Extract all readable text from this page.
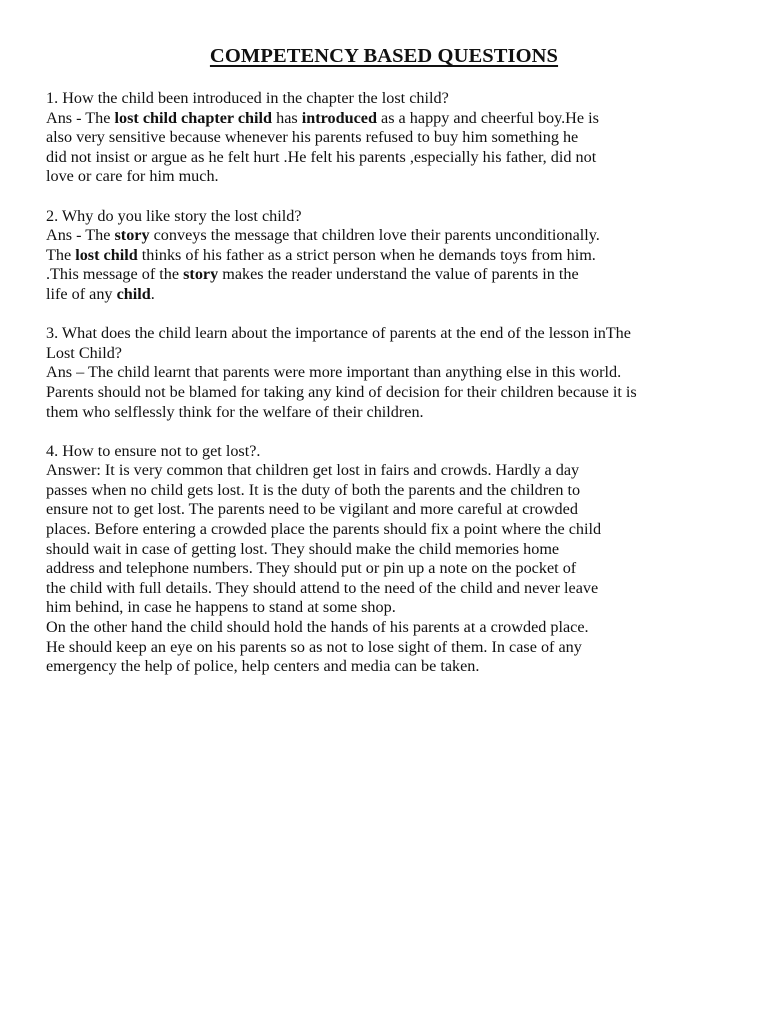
COMPETENCY BASED QUESTIONS
1. How the child been introduced in the chapter the lost child?
Ans - The lost child chapter child has introduced as a happy and cheerful boy.He is
also very sensitive because whenever his parents refused to buy him something he
did not insist or argue as he felt hurt .He felt his parents ,especially his father, did not
love or care for him much.
2. Why do you like story the lost child?
Ans - The story conveys the message that children love their parents unconditionally.
The lost child thinks of his father as a strict person when he demands toys from him.
.This message of the story makes the reader understand the value of parents in the
life of any child.
3. What does the child learn about the importance of parents at the end of the lesson inThe
Lost Child?
Ans – The child learnt that parents were more important than anything else in this world.
Parents should not be blamed for taking any kind of decision for their children because it is
them who selflessly think for the welfare of their children.
4. How to ensure not to get lost?.
Answer: It is very common that children get lost in fairs and crowds. Hardly a day
passes when no child gets lost. It is the duty of both the parents and the children to
ensure not to get lost. The parents need to be vigilant and more careful at crowded
places. Before entering a crowded place the parents should fix a point where the child
should wait in case of getting lost. They should make the child memories home
address and telephone numbers. They should put or pin up a note on the pocket of
the child with full details. They should attend to the need of the child and never leave
him behind, in case he happens to stand at some shop.
On the other hand the child should hold the hands of his parents at a crowded place.
He should keep an eye on his parents so as not to lose sight of them. In case of any
emergency the help of police, help centers and media can be taken.
